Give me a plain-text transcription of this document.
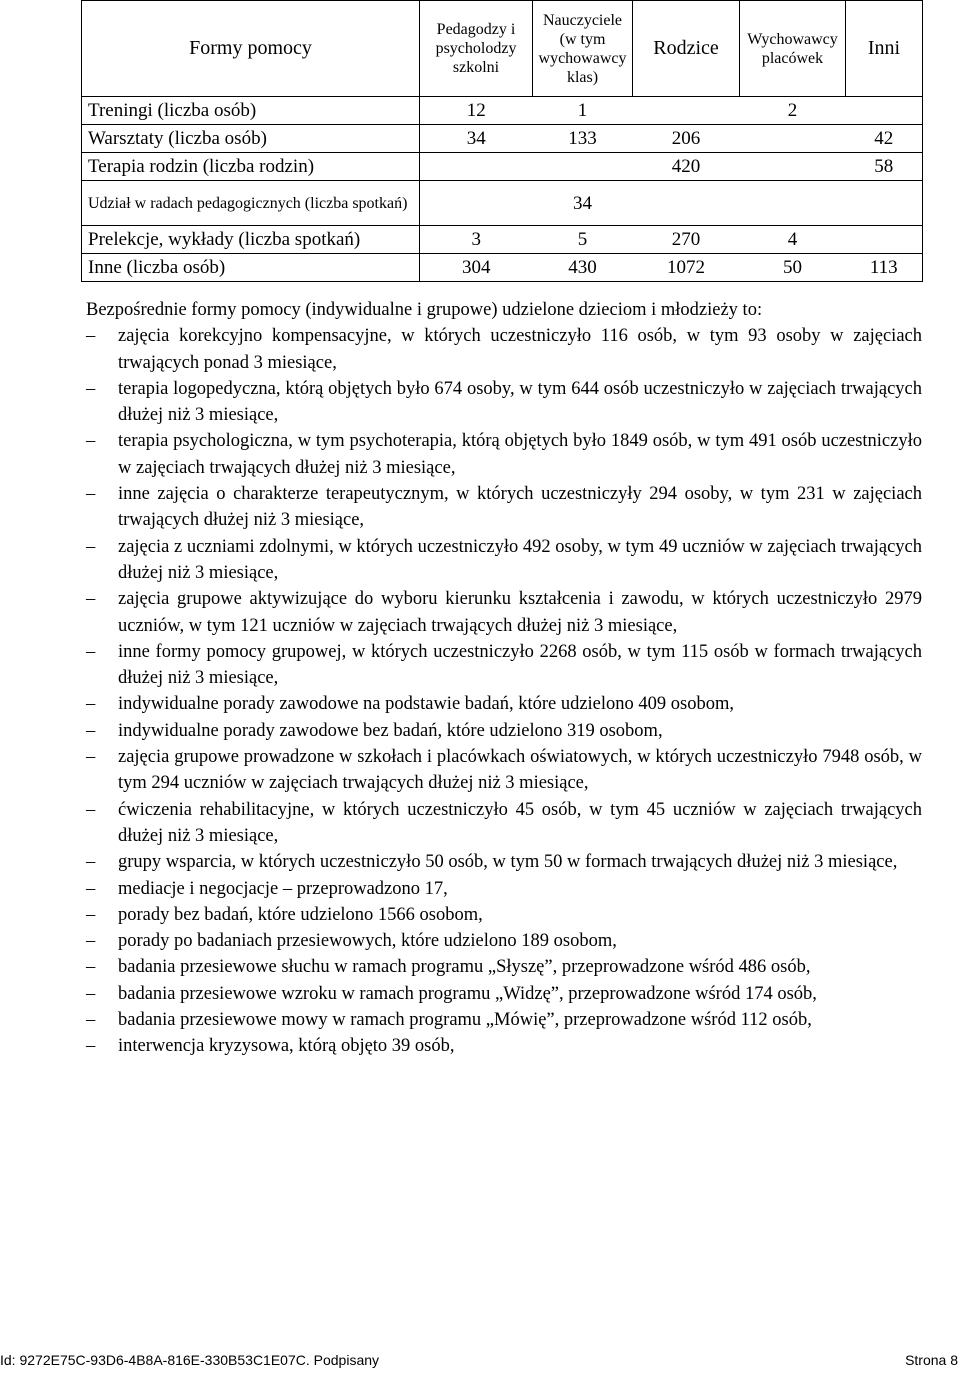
Formy pomocy	Pedagodzy i psycholodzy szkolni	Nauczyciele (w tym wychowawcy klas)	Rodzice	Wychowawcy placówek	Inni
Treningi (liczba osób)	12	1		2	
Warsztaty (liczba osób)	34	133	206		42
Terapia rodzin (liczba rodzin)			420		58
Udział w radach pedagogicznych (liczba spotkań)		34			
Prelekcje, wykłady (liczba spotkań)	3	5	270	4	
Inne (liczba osób)	304	430	1072	50	113

Bezpośrednie formy pomocy (indywidualne i grupowe) udzielone dzieciom i młodzieży to:

–	zajęcia korekcyjno kompensacyjne, w których uczestniczyło 116 osób, w tym 93 osoby w zajęciach trwających ponad 3 miesiące,
–	terapia logopedyczna, którą objętych było 674 osoby, w tym 644 osób uczestniczyło w zajęciach trwających dłużej niż 3 miesiące,
–	terapia psychologiczna, w tym psychoterapia, którą objętych było 1849 osób, w tym 491 osób uczestniczyło w zajęciach trwających dłużej niż 3 miesiące,
–	inne zajęcia o charakterze terapeutycznym, w których uczestniczyły 294 osoby, w tym 231 w zajęciach trwających dłużej niż 3 miesiące,
–	zajęcia z uczniami zdolnymi, w których uczestniczyło 492 osoby, w tym 49 uczniów w zajęciach trwających dłużej niż 3 miesiące,
–	zajęcia grupowe aktywizujące do wyboru kierunku kształcenia i zawodu, w których uczestniczyło 2979 uczniów, w tym 121 uczniów w zajęciach trwających dłużej niż 3 miesiące,
–	inne formy pomocy grupowej, w których uczestniczyło 2268 osób, w tym 115 osób w formach trwających dłużej niż 3 miesiące,
–	indywidualne porady zawodowe na podstawie badań, które udzielono 409 osobom,
–	indywidualne porady zawodowe bez badań, które udzielono 319 osobom,
–	zajęcia grupowe prowadzone w szkołach i placówkach oświatowych, w których uczestniczyło 7948 osób, w tym 294 uczniów w zajęciach trwających dłużej niż 3 miesiące,
–	ćwiczenia rehabilitacyjne, w których uczestniczyło 45 osób, w tym 45 uczniów w zajęciach trwających dłużej niż 3 miesiące,
–	grupy wsparcia, w których uczestniczyło 50 osób, w tym 50 w formach trwających dłużej niż 3 miesiące,
–	mediacje i negocjacje – przeprowadzono 17,
–	porady bez badań, które udzielono 1566 osobom,
–	porady po badaniach przesiewowych, które udzielono 189 osobom,
–	badania przesiewowe słuchu w ramach programu „Słyszę”, przeprowadzone wśród 486 osób,
–	badania przesiewowe wzroku w ramach programu „Widzę”, przeprowadzone wśród 174 osób,
–	badania przesiewowe mowy w ramach programu „Mówię”, przeprowadzone wśród 112 osób,
–	interwencja kryzysowa, którą objęto 39 osób,
Id: 9272E75C-93D6-4B8A-816E-330B53C1E07C. Podpisany	Strona 8
